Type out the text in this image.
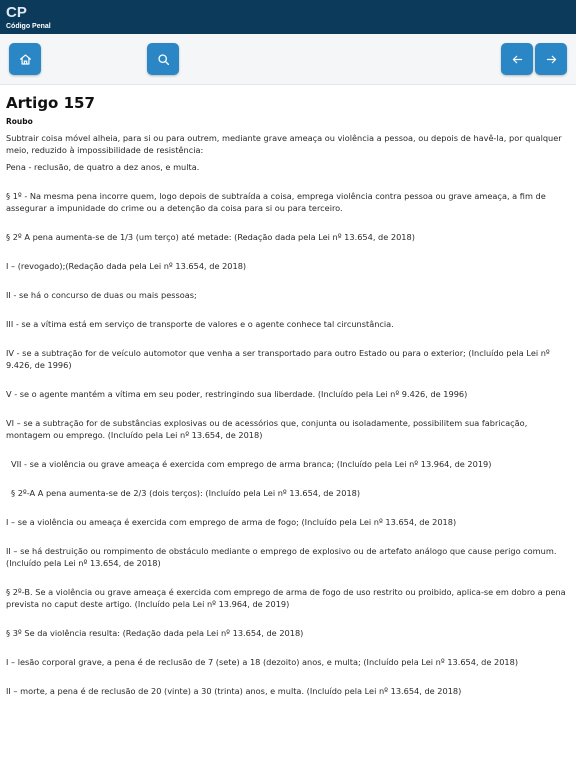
CP
Código Penal
Artigo 157
Roubo

Subtrair coisa móvel alheia, para si ou para outrem, mediante grave ameaça ou violência a pessoa, ou depois de havê-la, por qualquer meio, reduzido à impossibilidade de resistência:

Pena - reclusão, de quatro a dez anos, e multa.

§ 1º - Na mesma pena incorre quem, logo depois de subtraída a coisa, emprega violência contra pessoa ou grave ameaça, a fim de assegurar a impunidade do crime ou a detenção da coisa para si ou para terceiro.

§ 2º A pena aumenta-se de 1/3 (um terço) até metade: (Redação dada pela Lei nº 13.654, de 2018)

I – (revogado);(Redação dada pela Lei nº 13.654, de 2018)

II - se há o concurso de duas ou mais pessoas;

III - se a vítima está em serviço de transporte de valores e o agente conhece tal circunstância.

IV - se a subtração for de veículo automotor que venha a ser transportado para outro Estado ou para o exterior; (Incluído pela Lei nº 9.426, de 1996)

V - se o agente mantém a vítima em seu poder, restringindo sua liberdade. (Incluído pela Lei nº 9.426, de 1996)

VI – se a subtração for de substâncias explosivas ou de acessórios que, conjunta ou isoladamente, possibilitem sua fabricação, montagem ou emprego. (Incluído pela Lei nº 13.654, de 2018)

VII - se a violência ou grave ameaça é exercida com emprego de arma branca; (Incluído pela Lei nº 13.964, de 2019)

§ 2º-A A pena aumenta-se de 2/3 (dois terços): (Incluído pela Lei nº 13.654, de 2018)

I – se a violência ou ameaça é exercida com emprego de arma de fogo; (Incluído pela Lei nº 13.654, de 2018)

II – se há destruição ou rompimento de obstáculo mediante o emprego de explosivo ou de artefato análogo que cause perigo comum. (Incluído pela Lei nº 13.654, de 2018)

§ 2º-B. Se a violência ou grave ameaça é exercida com emprego de arma de fogo de uso restrito ou proibido, aplica-se em dobro a pena prevista no caput deste artigo. (Incluído pela Lei nº 13.964, de 2019)

§ 3º Se da violência resulta: (Redação dada pela Lei nº 13.654, de 2018)

I – lesão corporal grave, a pena é de reclusão de 7 (sete) a 18 (dezoito) anos, e multa; (Incluído pela Lei nº 13.654, de 2018)

II – morte, a pena é de reclusão de 20 (vinte) a 30 (trinta) anos, e multa. (Incluído pela Lei nº 13.654, de 2018)
